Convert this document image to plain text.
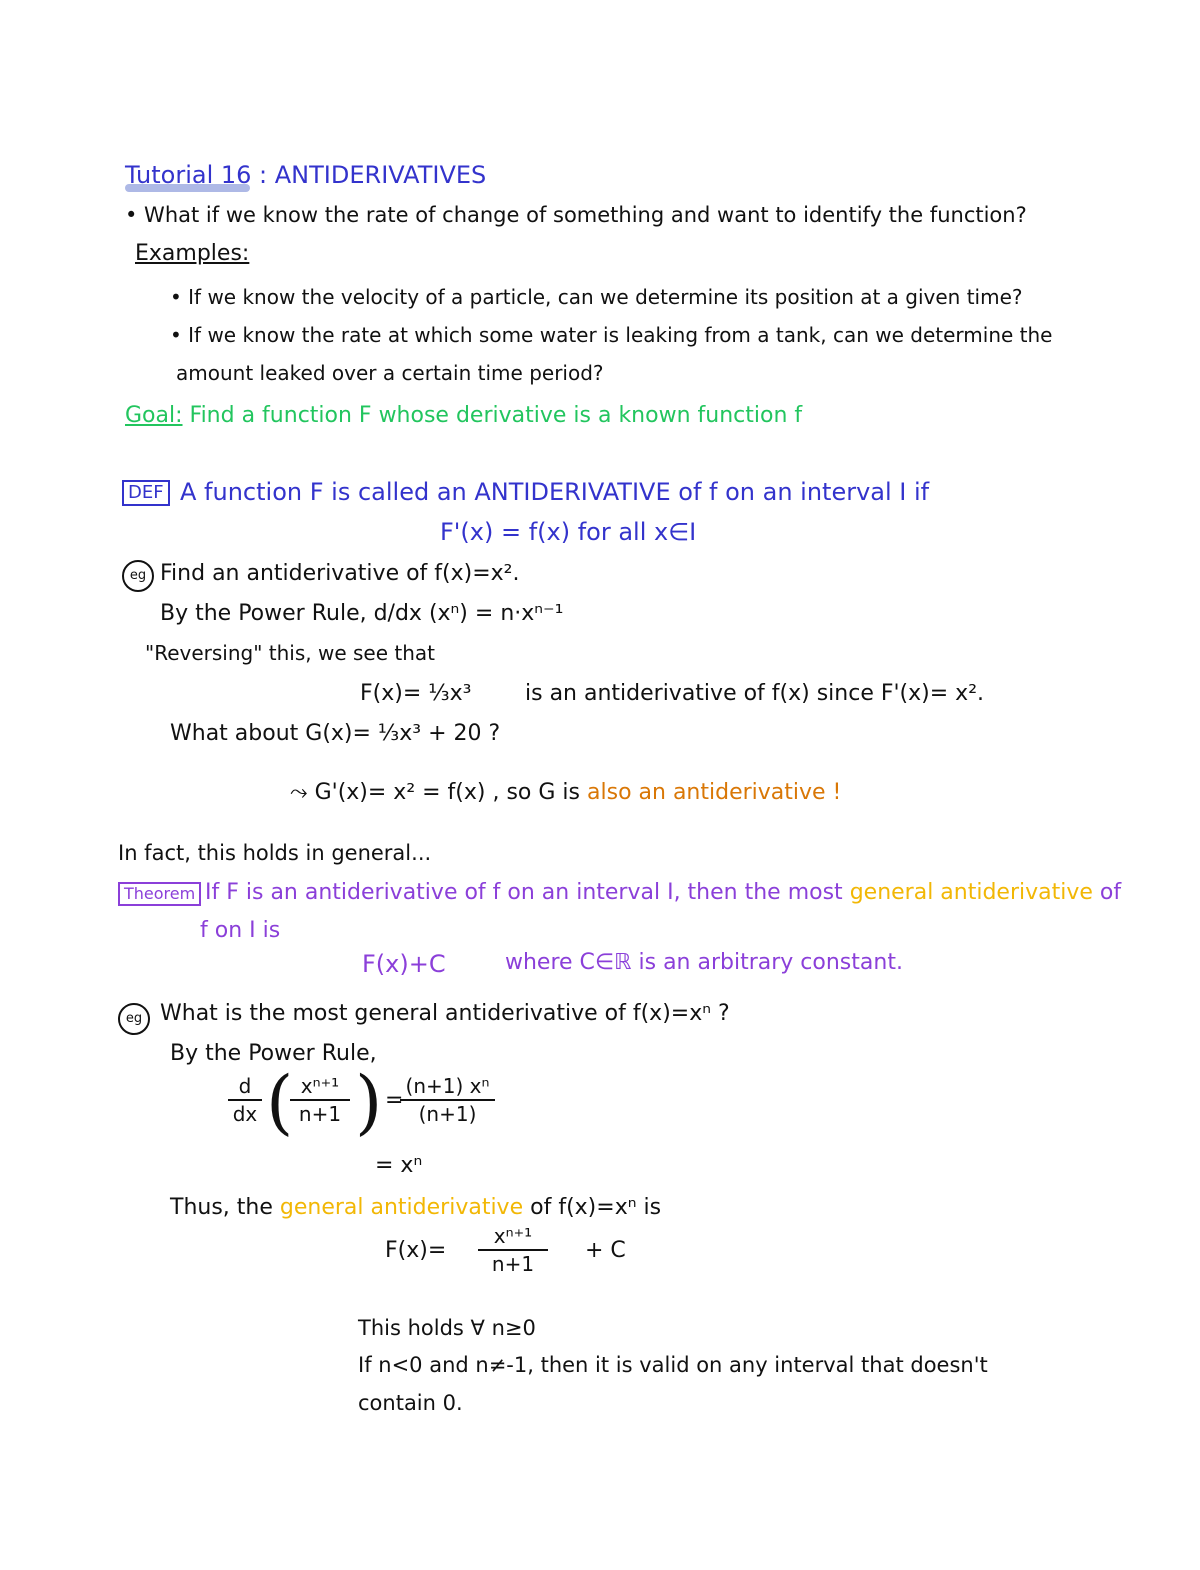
Tutorial 16 : ANTIDERIVATIVES
• What if we know the rate of change of something and want to identify the function?
Examples:
• If we know the velocity of a particle, can we determine its position at a given time?
• If we know the rate at which some water is leaking from a tank, can we determine the
amount leaked over a certain time period?
Goal: Find a function F whose derivative is a known function f
DEF A function F is called an ANTIDERIVATIVE of f on an interval I if
F'(x) = f(x) for all x∈I
eg Find an antiderivative of f(x)=x².
By the Power Rule, d/dx (xⁿ) = n·xⁿ⁻¹
"Reversing" this, we see that
F(x)= ⅓x³ is an antiderivative of f(x) since F'(x)= x².
What about G(x)= ⅓x³ + 20 ?
⤳ G'(x)= x² = f(x) , so G is also an antiderivative !
In fact, this holds in general...
Theorem If F is an antiderivative of f on an interval I, then the most general antiderivative of
f on I is
F(x)+C	where C∈ℝ is an arbitrary constant.
eg What is the most general antiderivative of f(x)=xⁿ ?
By the Power Rule,
d
dx ( xⁿ⁺¹
n+1 ) =
(n+1) xⁿ
(n+1)
= xⁿ
Thus, the general antiderivative of f(x)=xⁿ is
F(x)=
xⁿ⁺¹
n+1
+ C
This holds ∀ n≥0
If n<0 and n≠-1, then it is valid on any interval that doesn't
contain 0.
